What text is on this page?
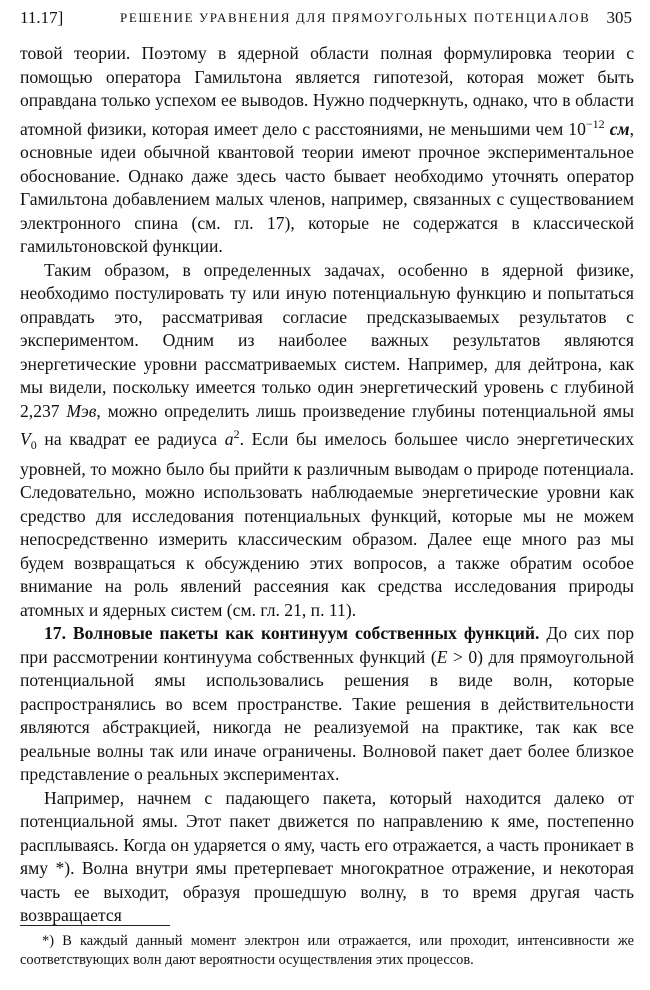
11.17]	РЕШЕНИЕ УРАВНЕНИЯ ДЛЯ ПРЯМОУГОЛЬНЫХ ПОТЕНЦИАЛОВ 305

товой теории. Поэтому в ядерной области полная формулировка теории с помощью оператора Гамильтона является гипотезой, которая может быть оправдана только успехом ее выводов. Нужно подчеркнуть, однако, что в области атомной физики, которая имеет дело с расстояниями, не меньшими чем $10^{-12}$ см, основные идеи обычной квантовой теории имеют прочное экспериментальное обоснование. Однако даже здесь часто бывает необходимо уточнять оператор Гамильтона добавлением малых членов, например, связанных с существованием электронного спина (см. гл. 17), которые не содержатся в классической гамильтоновской функции.

Таким образом, в определенных задачах, особенно в ядерной физике, необходимо постулировать ту или иную потенциальную функцию и попытаться оправдать это, рассматривая согласие предсказываемых результатов с экспериментом. Одним из наиболее важных результатов являются энергетические уровни рассматриваемых систем. Например, для дейтрона, как мы видели, поскольку имеется только один энергетический уровень с глубиной 2,237 Мэв, можно определить лишь произведение глубины потенциальной ямы $V_0$ на квадрат ее радиуса $a^2$. Если бы имелось большее число энергетических уровней, то можно было бы прийти к различным выводам о природе потенциала. Следовательно, можно использовать наблюдаемые энергетические уровни как средство для исследования потенциальных функций, которые мы не можем непосредственно измерить классическим образом. Далее еще много раз мы будем возвращаться к обсуждению этих вопросов, а также обратим особое внимание на роль явлений рассеяния как средства исследования природы атомных и ядерных систем (см. гл. 21, п. 11).

17. Волновые пакеты как континуум собственных функций. До сих пор при рассмотрении континуума собственных функций (E > 0) для прямоугольной потенциальной ямы использовались решения в виде волн, которые распространялись во всем пространстве. Такие решения в действительности являются абстракцией, никогда не реализуемой на практике, так как все реальные волны так или иначе ограничены. Волновой пакет дает более близкое представление о реальных экспериментах.

Например, начнем с падающего пакета, который находится далеко от потенциальной ямы. Этот пакет движется по направлению к яме, постепенно расплываясь. Когда он ударяется о яму, часть его отражается, а часть проникает в яму *). Волна внутри ямы претерпевает многократное отражение, и некоторая часть ее выходит, образуя прошедшую волну, в то время другая часть возвращается

*) В каждый данный момент электрон или отражается, или проходит, интенсивности же соответствующих волн дают вероятности осуществления этих процессов.
